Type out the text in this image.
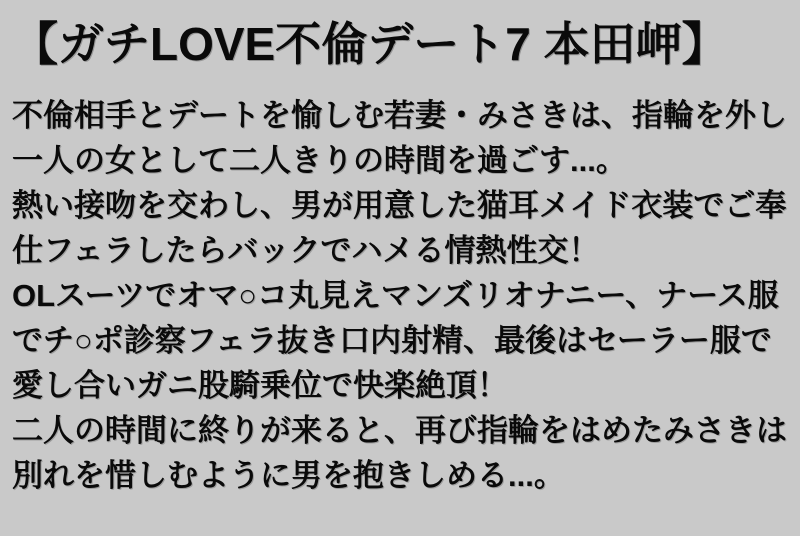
【ガチLOVE不倫デート7 本田岬】
不倫相手とデートを愉しむ若妻・みさきは、指輪を外し
一人の女として二人きりの時間を過ごす...。
熱い接吻を交わし、男が用意した猫耳メイド衣装でご奉
仕フェラしたらバックでハメる情熱性交！
OLスーツでオマ○コ丸見えマンズリオナニー、ナース服
でチ○ポ診察フェラ抜き口内射精、最後はセーラー服で
愛し合いガニ股騎乗位で快楽絶頂！
二人の時間に終りが来ると、再び指輪をはめたみさきは
別れを惜しむように男を抱きしめる...。
